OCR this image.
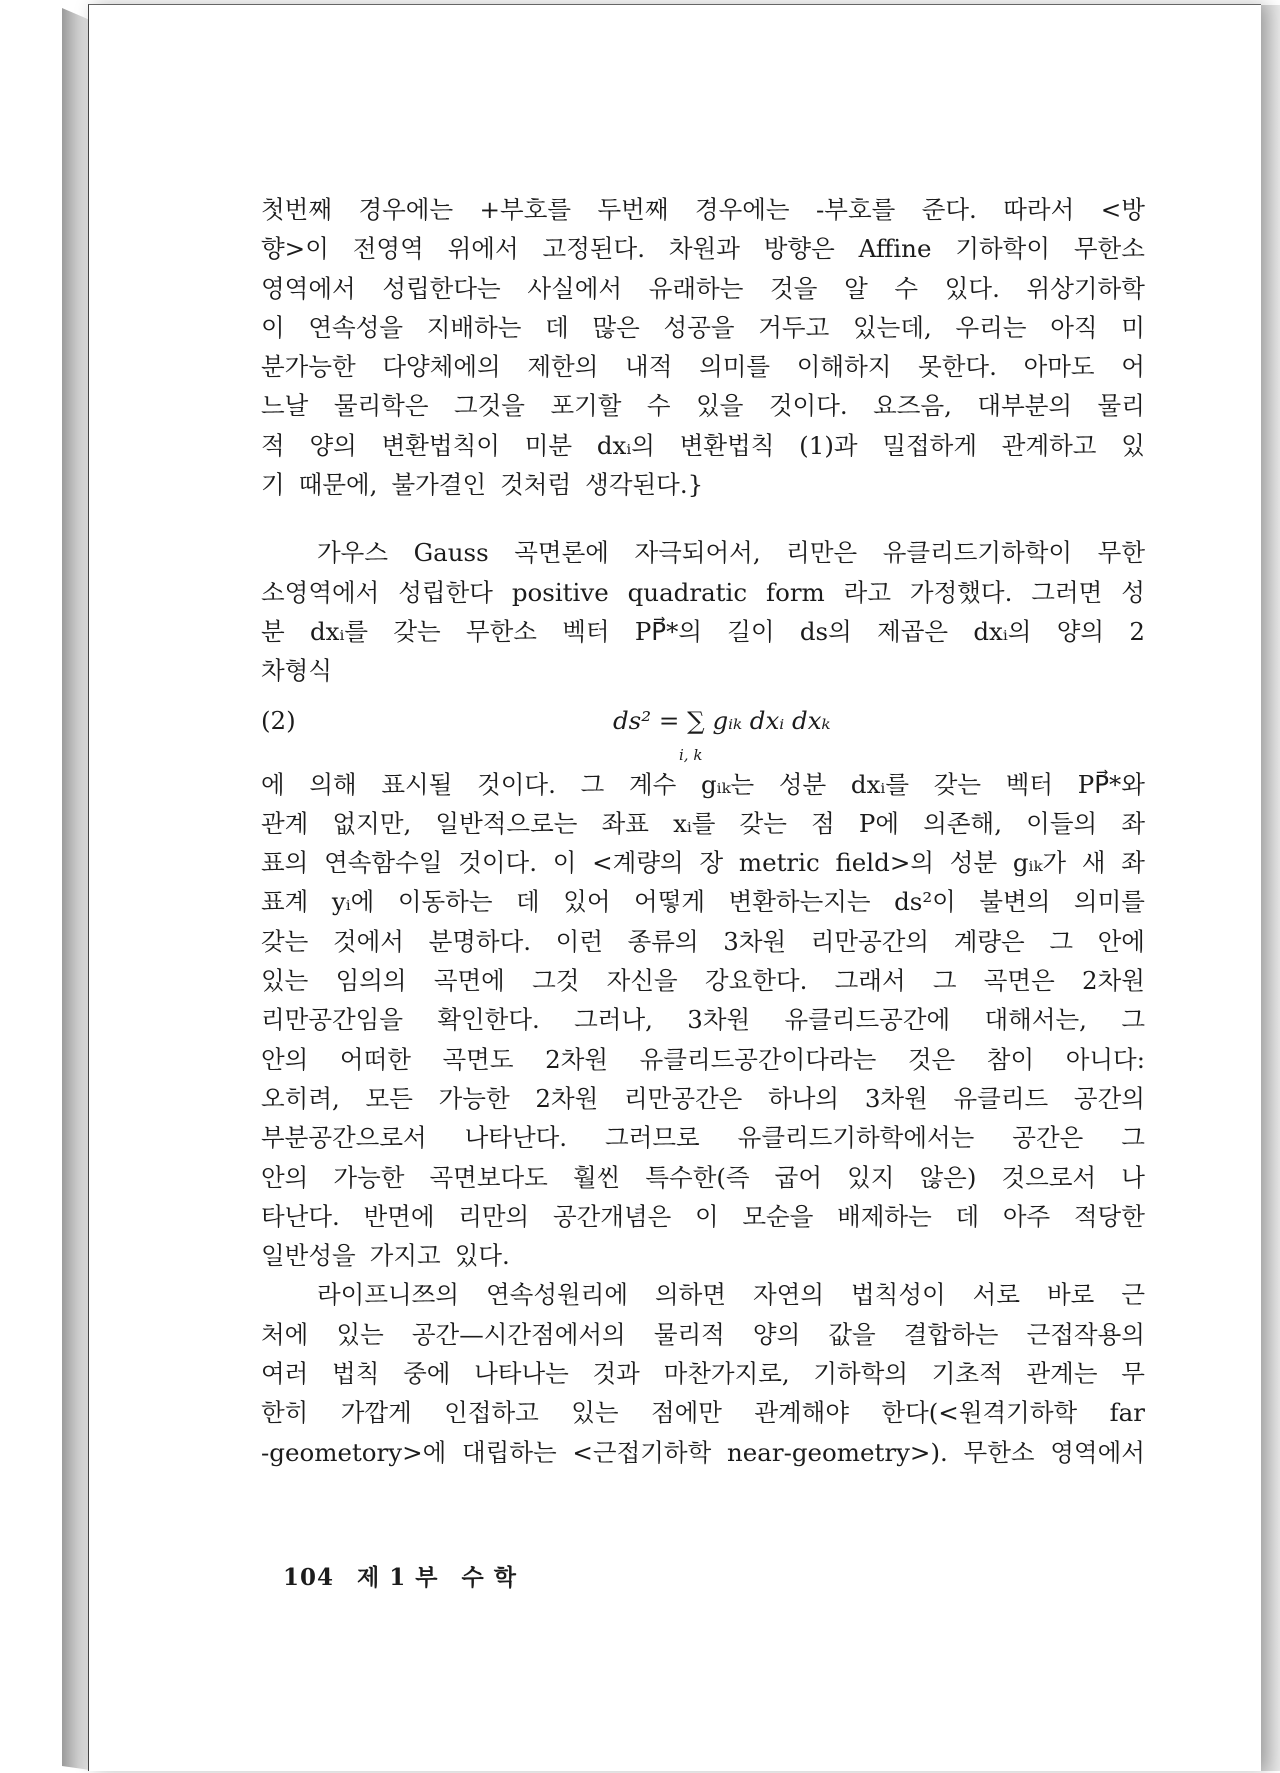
첫번째 경우에는 +부호를 두번째 경우에는 -부호를 준다. 따라서 <방
향>이 전영역 위에서 고정된다. 차원과 방향은 Affine 기하학이 무한소
영역에서 성립한다는 사실에서 유래하는 것을 알 수 있다. 위상기하학
이 연속성을 지배하는 데 많은 성공을 거두고 있는데, 우리는 아직 미
분가능한 다양체에의 제한의 내적 의미를 이해하지 못한다. 아마도 어
느날 물리학은 그것을 포기할 수 있을 것이다. 요즈음, 대부분의 물리
적 양의 변환법칙이 미분 dxᵢ의 변환법칙 (1)과 밀접하게 관계하고 있
기 때문에, 불가결인 것처럼 생각된다.}
가우스 Gauss 곡면론에 자극되어서, 리만은 유클리드기하학이 무한
소영역에서 성립한다 positive quadratic form 라고 가정했다. 그러면 성
분 dxᵢ를 갖는 무한소 벡터 PP⃗*의 길이 ds의 제곱은 dxᵢ의 양의 2
차형식
(2)	ds² = ∑ gᵢₖ dxᵢ dxₖ
i, k
에 의해 표시될 것이다. 그 계수 gᵢₖ는 성분 dxᵢ를 갖는 벡터 PP⃗*와
관계 없지만, 일반적으로는 좌표 xᵢ를 갖는 점 P에 의존해, 이들의 좌
표의 연속함수일 것이다. 이 <계량의 장 metric field>의 성분 gᵢₖ가 새 좌
표계 yᵢ에 이동하는 데 있어 어떻게 변환하는지는 ds²이 불변의 의미를
갖는 것에서 분명하다. 이런 종류의 3차원 리만공간의 계량은 그 안에
있는 임의의 곡면에 그것 자신을 강요한다. 그래서 그 곡면은 2차원
리만공간임을 확인한다. 그러나, 3차원 유클리드공간에 대해서는, 그
안의 어떠한 곡면도 2차원 유클리드공간이다라는 것은 참이 아니다:
오히려, 모든 가능한 2차원 리만공간은 하나의 3차원 유클리드 공간의
부분공간으로서 나타난다. 그러므로 유클리드기하학에서는 공간은 그
안의 가능한 곡면보다도 훨씬 특수한(즉 굽어 있지 않은) 것으로서 나
타난다. 반면에 리만의 공간개념은 이 모순을 배제하는 데 아주 적당한
일반성을 가지고 있다.
라이프니쯔의 연속성원리에 의하면 자연의 법칙성이 서로 바로 근
처에 있는 공간—시간점에서의 물리적 양의 값을 결합하는 근접작용의
여러 법칙 중에 나타나는 것과 마찬가지로, 기하학의 기초적 관계는 무
한히 가깝게 인접하고 있는 점에만 관계해야 한다(<원격기하학 far
-geometory>에 대립하는 <근접기하학 near-geometry>). 무한소 영역에서
104 제 1 부 수 학
